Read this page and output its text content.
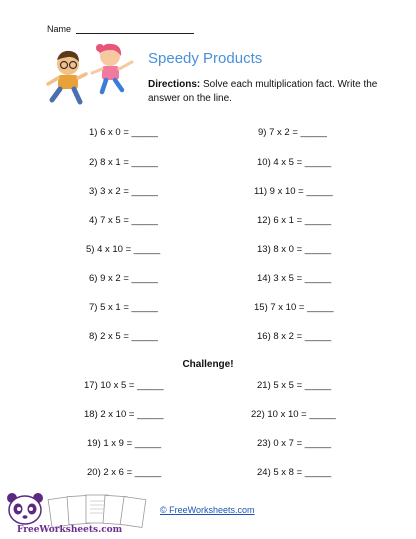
Name
Speedy Products
Directions: Solve each multiplication fact. Write the answer on the line.
1) 6 x 0 = _____
2) 8 x 1 = _____
3) 3 x 2 = _____
4) 7 x 5 = _____
5) 4 x 10 = _____
6) 9 x 2 = _____
7) 5 x 1 = _____
8) 2 x 5 = _____
9) 7 x 2 = _____
10) 4 x 5 = _____
11) 9 x 10 = _____
12) 6 x 1 = _____
13) 8 x 0 = _____
14) 3 x 5 = _____
15) 7 x 10 = _____
16) 8 x 2 = _____
Challenge!
17) 10 x 5 = _____
18) 2 x 10 = _____
19) 1 x 9 = _____
20) 2 x 6 = _____
21) 5 x 5 = _____
22) 10 x 10 = _____
23) 0 x 7 = _____
24) 5 x 8 = _____
FreeWorksheets.com
© FreeWorksheets.com
